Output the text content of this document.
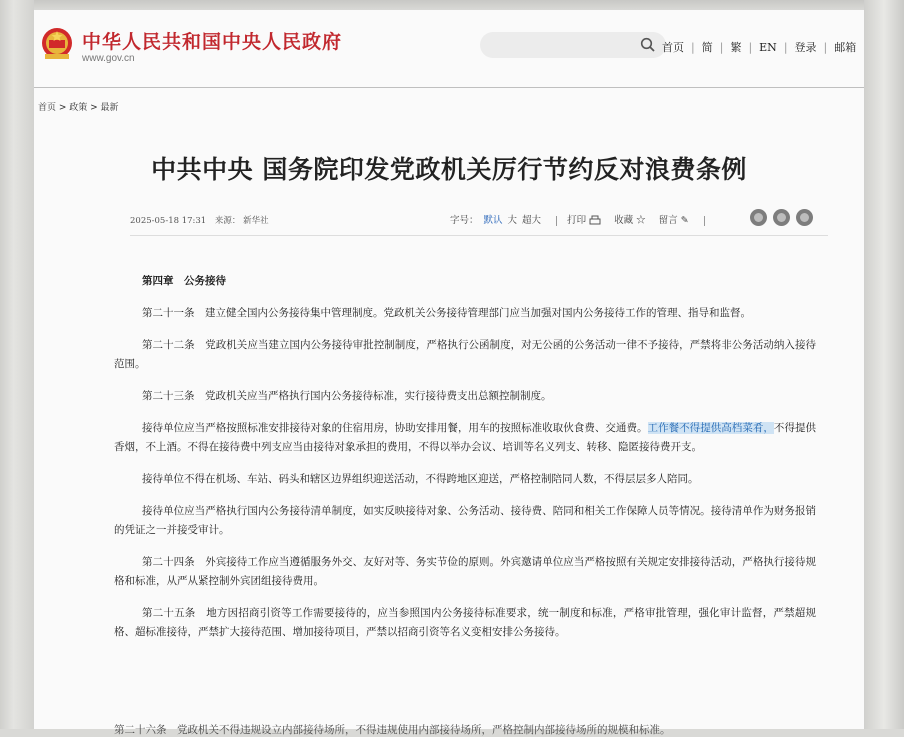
中华人民共和国中央人民政府
www.gov.cn
首页 | 简 | 繁 | EN | 登录 | 邮箱
首页 > 政策 > 最新
中共中央 国务院印发党政机关厉行节约反对浪费条例
2025-05-18 17:31 来源： 新华社	字号： 默认 大 超大	打印	收藏 ☆ 留言 ✎

第四章　公务接待

第二十一条　建立健全国内公务接待集中管理制度。党政机关公务接待管理部门应当加强对国内公务接待工作的管理、指导和监督。

第二十二条　党政机关应当建立国内公务接待审批控制制度，严格执行公函制度，对无公函的公务活动一律不予接待，严禁将非公务活动纳入接待范围。

第二十三条　党政机关应当严格执行国内公务接待标准，实行接待费支出总额控制制度。

接待单位应当严格按照标准安排接待对象的住宿用房，协助安排用餐，用车的按照标准收取伙食费、交通费。工作餐不得提供高档菜肴，不得提供香烟，不上酒。不得在接待费中列支应当由接待对象承担的费用，不得以举办会议、培训等名义列支、转移、隐匿接待费开支。

接待单位不得在机场、车站、码头和辖区边界组织迎送活动，不得跨地区迎送，严格控制陪同人数，不得层层多人陪同。

接待单位应当严格执行国内公务接待清单制度，如实反映接待对象、公务活动、接待费、陪同和相关工作保障人员等情况。接待清单作为财务报销的凭证之一并接受审计。

第二十四条　外宾接待工作应当遵循服务外交、友好对等、务实节俭的原则。外宾邀请单位应当严格按照有关规定安排接待活动，严格执行接待规格和标准，从严从紧控制外宾团组接待费用。

第二十五条　地方因招商引资等工作需要接待的，应当参照国内公务接待标准要求，统一制度和标准，严格审批管理，强化审计监督，严禁超规格、超标准接待，严禁扩大接待范围、增加接待项目，严禁以招商引资等名义变相安排公务接待。

第二十六条　党政机关不得违规设立内部接待场所，不得违规使用内部接待场所，严格控制内部接待场所的规模和标准。
